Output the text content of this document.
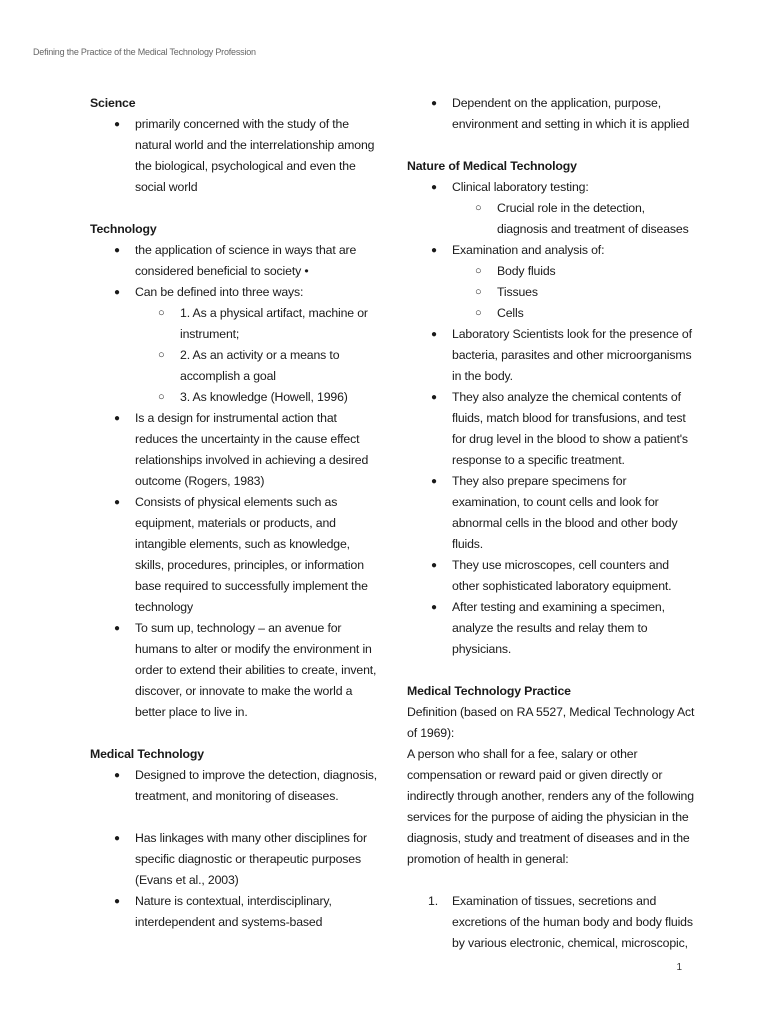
Defining the Practice of the Medical Technology Profession

Science

● primarily concerned with the study of the natural world and the interrelationship among the biological, psychological and even the social world

Technology

● the application of science in ways that are considered beneficial to society •
● Can be defined into three ways:
○ 1. As a physical artifact, machine or instrument;
○ 2. As an activity or a means to accomplish a goal
○ 3. As knowledge (Howell, 1996)
● Is a design for instrumental action that reduces the uncertainty in the cause effect relationships involved in achieving a desired outcome (Rogers, 1983)
● Consists of physical elements such as equipment, materials or products, and intangible elements, such as knowledge, skills, procedures, principles, or information base required to successfully implement the technology
● To sum up, technology – an avenue for humans to alter or modify the environment in order to extend their abilities to create, invent, discover, or innovate to make the world a better place to live in.

Medical Technology

● Designed to improve the detection, diagnosis, treatment, and monitoring of diseases.
● Has linkages with many other disciplines for specific diagnostic or therapeutic purposes (Evans et al., 2003)
● Nature is contextual, interdisciplinary, interdependent and systems-based
● Dependent on the application, purpose, environment and setting in which it is applied

Nature of Medical Technology

● Clinical laboratory testing:
○ Crucial role in the detection, diagnosis and treatment of diseases
● Examination and analysis of:
○ Body fluids
○ Tissues
○ Cells
● Laboratory Scientists look for the presence of bacteria, parasites and other microorganisms in the body.
● They also analyze the chemical contents of fluids, match blood for transfusions, and test for drug level in the blood to show a patient's response to a specific treatment.
● They also prepare specimens for examination, to count cells and look for abnormal cells in the blood and other body fluids.
● They use microscopes, cell counters and other sophisticated laboratory equipment.
● After testing and examining a specimen, analyze the results and relay them to physicians.

Medical Technology Practice

Definition (based on RA 5527, Medical Technology Act of 1969):

A person who shall for a fee, salary or other compensation or reward paid or given directly or indirectly through another, renders any of the following services for the purpose of aiding the physician in the diagnosis, study and treatment of diseases and in the promotion of health in general:

1. Examination of tissues, secretions and excretions of the human body and body fluids by various electronic, chemical, microscopic,
1
